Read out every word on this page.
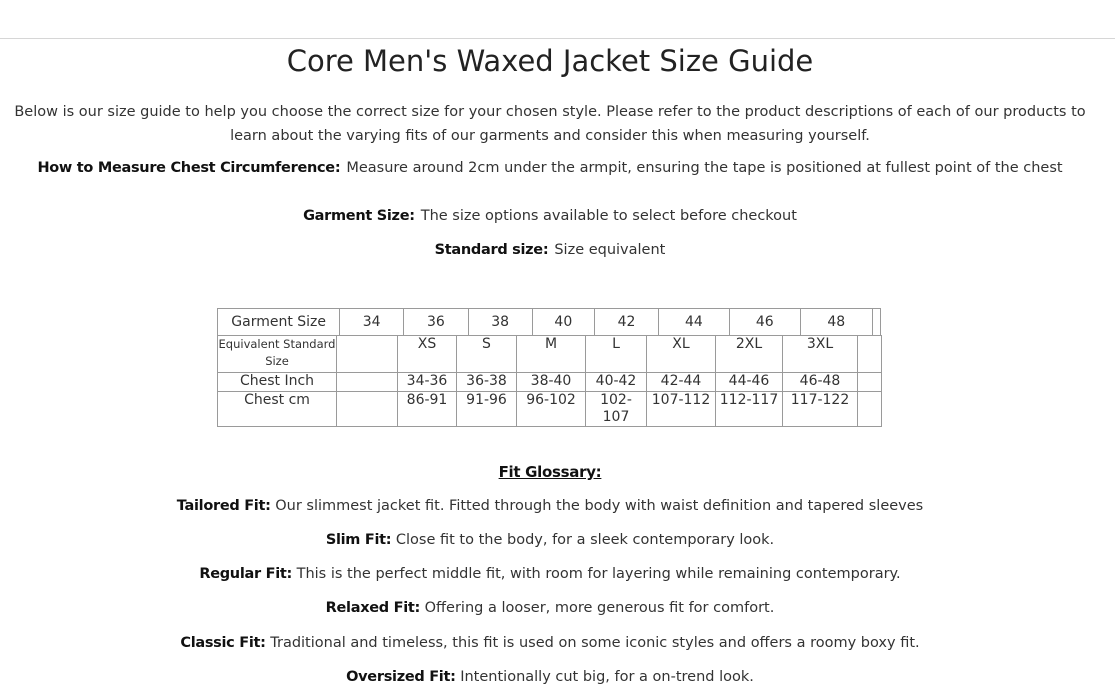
Core Men's Waxed Jacket Size Guide
Below is our size guide to help you choose the correct size for your chosen style. Please refer to the product descriptions of each of our products to learn about the varying fits of our garments and consider this when measuring yourself.
How to Measure Chest Circumference: Measure around 2cm under the armpit, ensuring the tape is positioned at fullest point of the chest
Garment Size: The size options available to select before checkout
Standard size: Size equivalent
Garment Size	34	36	38	40	42	44	46	48	
Equivalent Standard Size		XS	S	M	L	XL	2XL	3XL	
Chest Inch		34-36	36-38	38-40	40-42	42-44	44-46	46-48	
Chest cm		86-91	91-96	96-102	102-107	107-112	112-117	117-122	
Fit Glossary:
Tailored Fit: Our slimmest jacket fit. Fitted through the body with waist definition and tapered sleeves
Slim Fit: Close fit to the body, for a sleek contemporary look.
Regular Fit: This is the perfect middle fit, with room for layering while remaining contemporary.
Relaxed Fit: Offering a looser, more generous fit for comfort.
Classic Fit: Traditional and timeless, this fit is used on some iconic styles and offers a roomy boxy fit.
Oversized Fit: Intentionally cut big, for a on-trend look.
